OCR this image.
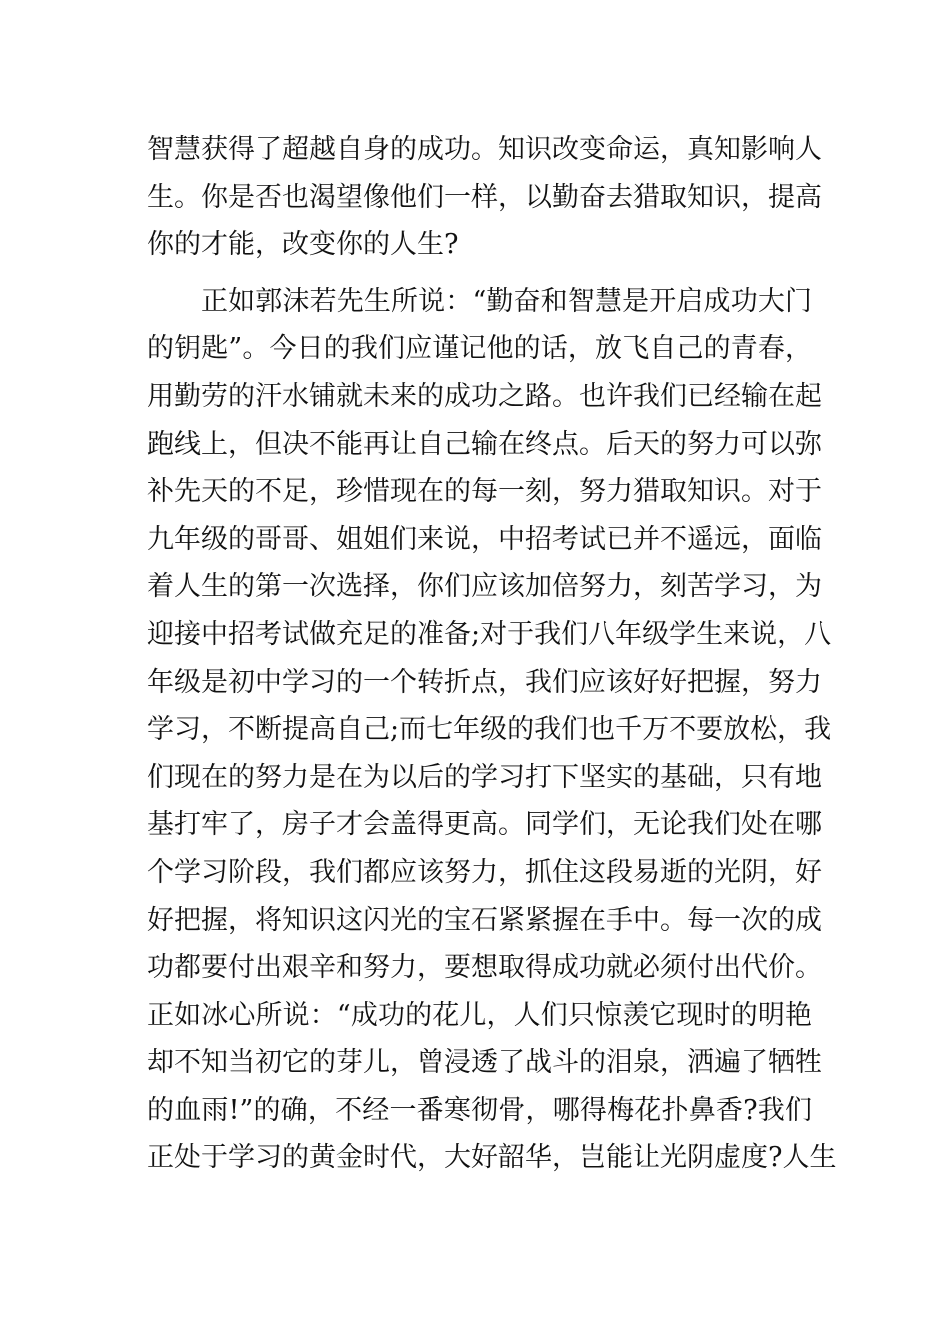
智慧获得了超越自身的成功。知识改变命运，真知影响人
生。你是否也渴望像他们一样，以勤奋去猎取知识，提高
你的才能，改变你的人生?
正如郭沫若先生所说：“勤奋和智慧是开启成功大门
的钥匙”。今日的我们应谨记他的话，放飞自己的青春，
用勤劳的汗水铺就未来的成功之路。也许我们已经输在起
跑线上，但决不能再让自己输在终点。后天的努力可以弥
补先天的不足，珍惜现在的每一刻，努力猎取知识。对于
九年级的哥哥、姐姐们来说，中招考试已并不遥远，面临
着人生的第一次选择，你们应该加倍努力，刻苦学习，为
迎接中招考试做充足的准备;对于我们八年级学生来说，八
年级是初中学习的一个转折点，我们应该好好把握，努力
学习，不断提高自己;而七年级的我们也千万不要放松，我
们现在的努力是在为以后的学习打下坚实的基础，只有地
基打牢了，房子才会盖得更高。同学们，无论我们处在哪
个学习阶段，我们都应该努力，抓住这段易逝的光阴，好
好把握，将知识这闪光的宝石紧紧握在手中。每一次的成
功都要付出艰辛和努力，要想取得成功就必须付出代价。
正如冰心所说：“成功的花儿，人们只惊羡它现时的明艳
却不知当初它的芽儿，曾浸透了战斗的泪泉，洒遍了牺牲
的血雨!”的确，不经一番寒彻骨，哪得梅花扑鼻香?我们
正处于学习的黄金时代，大好韶华，岂能让光阴虚度?人生
